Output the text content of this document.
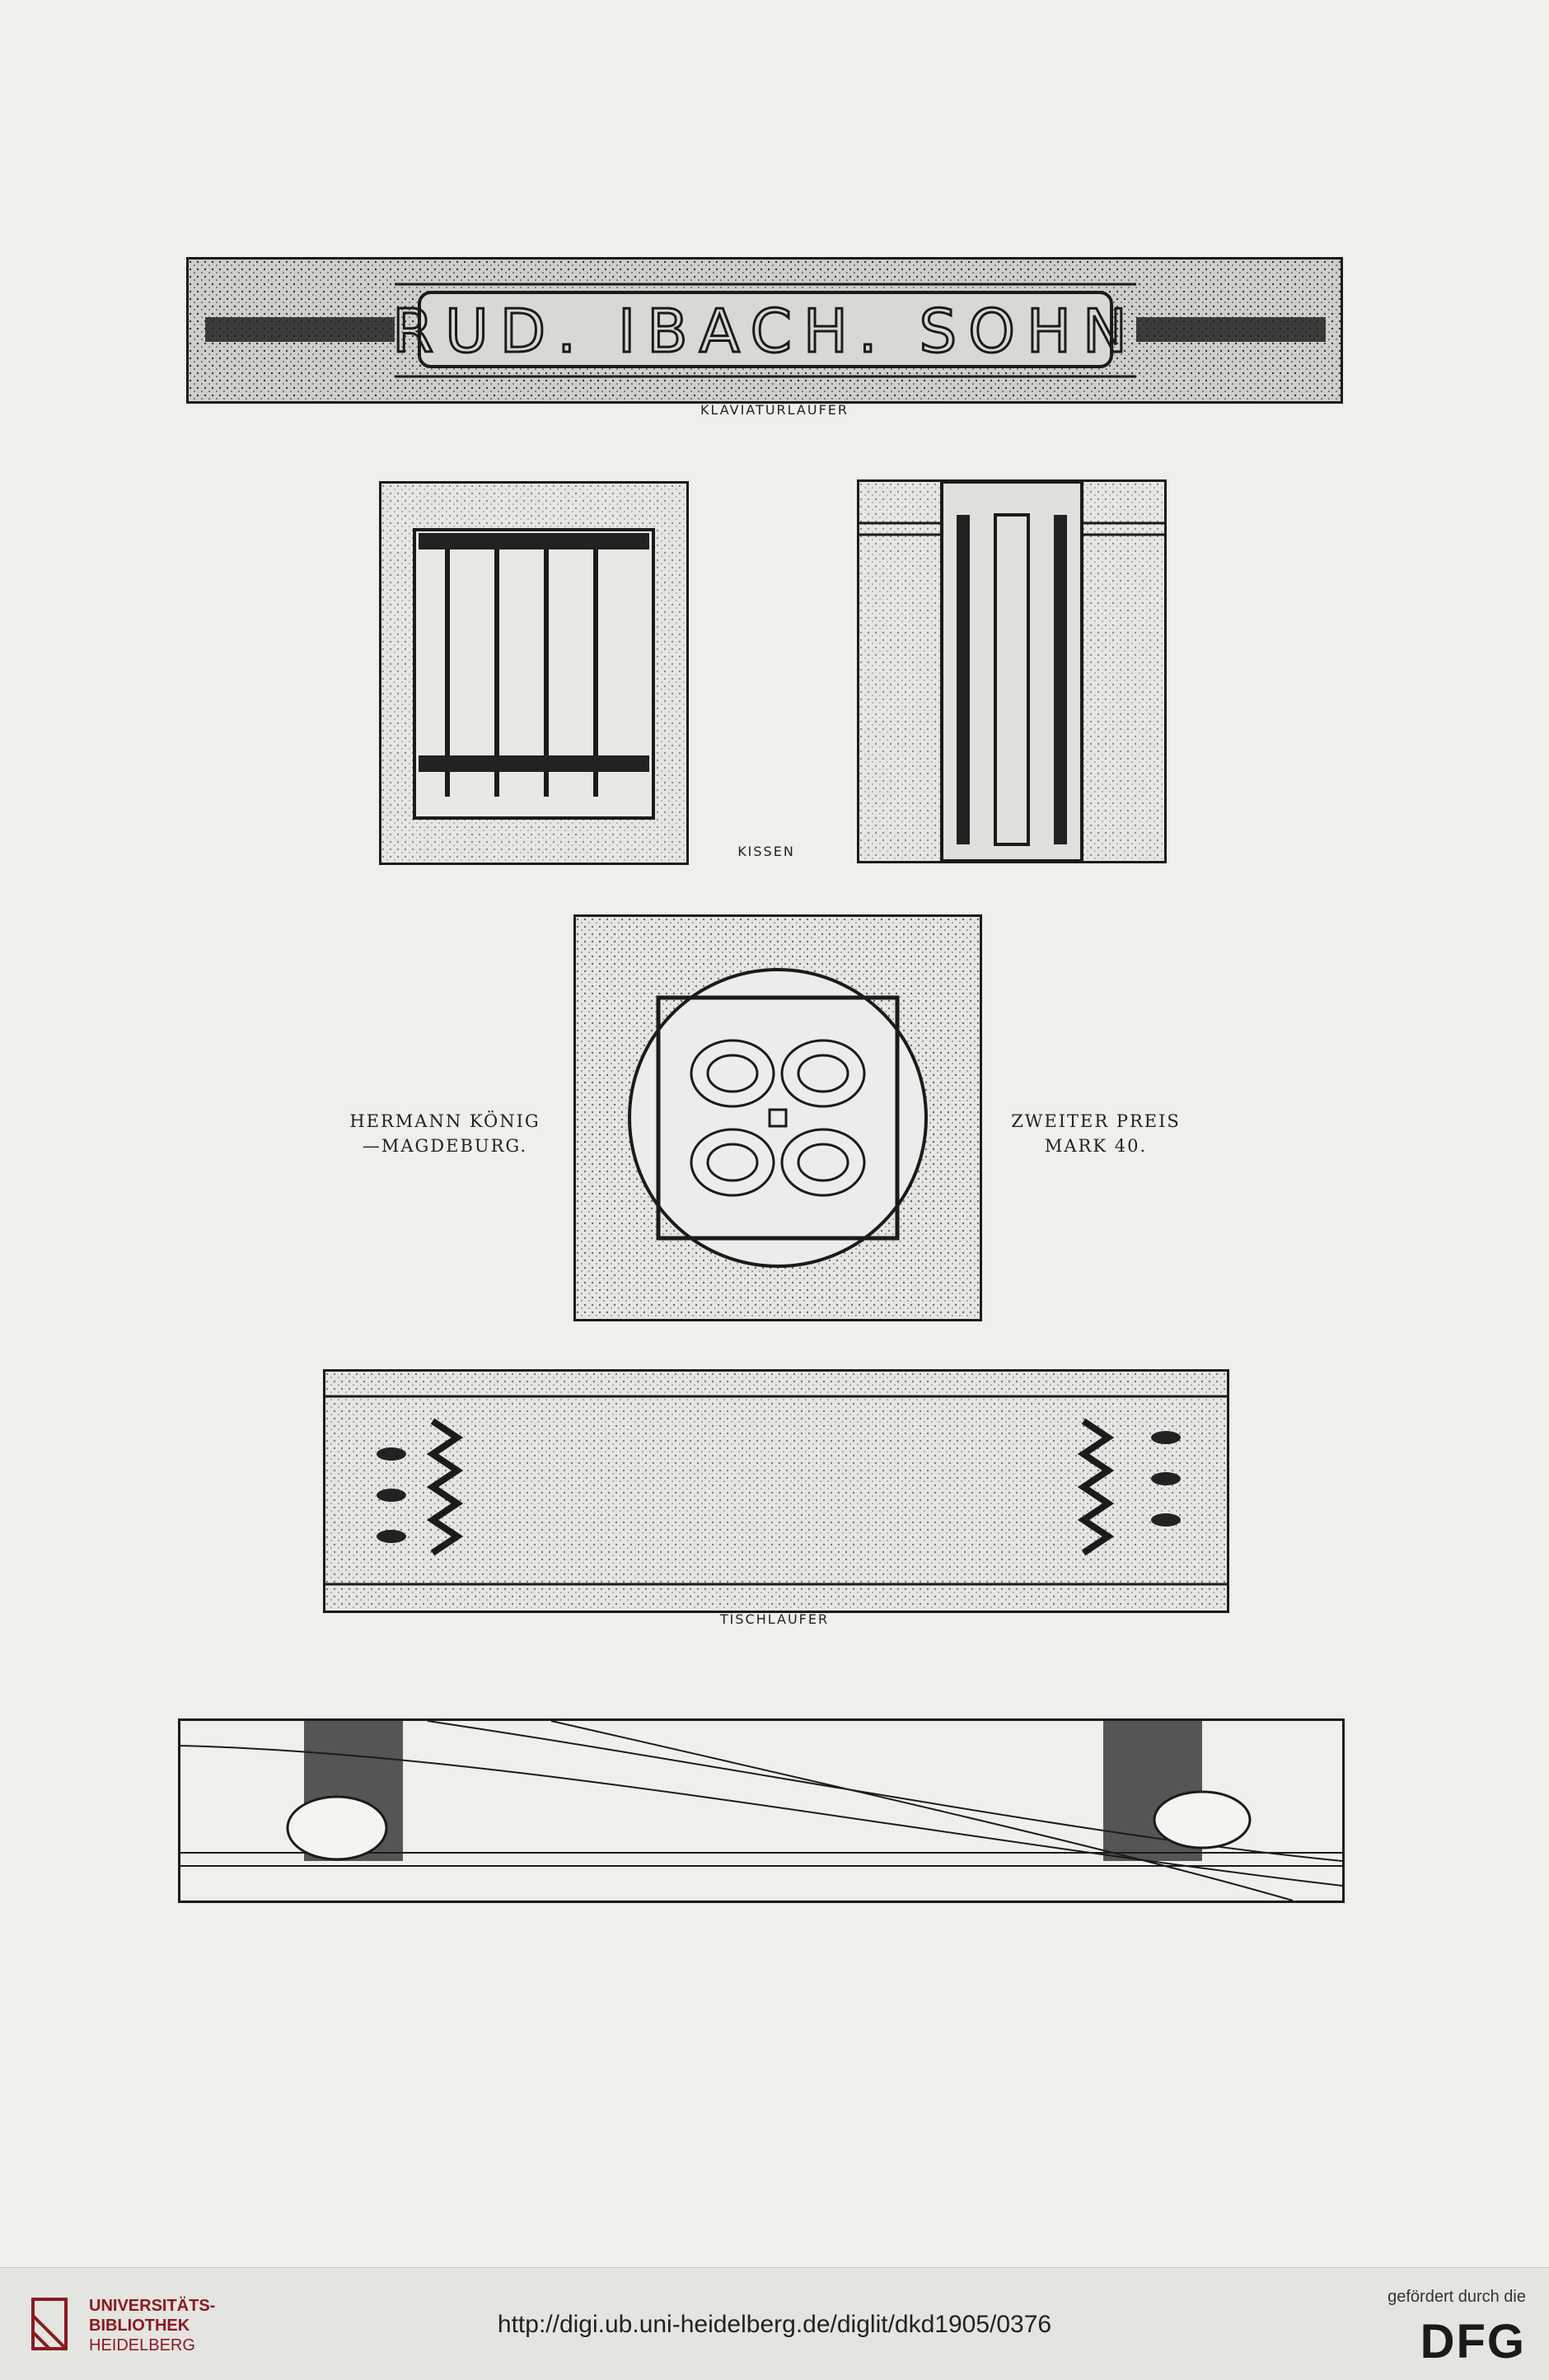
RUD. IBACH. SOHN
KLAVIATURLÄUFER
KISSEN
HERMANN KÖNIG
—MAGDEBURG.
ZWEITER PREIS
MARK 40.
TISCHLÄUFER
UNIVERSITÄTS-
BIBLIOTHEK
HEIDELBERG
http://digi.ub.uni-heidelberg.de/diglit/dkd1905/0376
gefördert durch die
DFG
